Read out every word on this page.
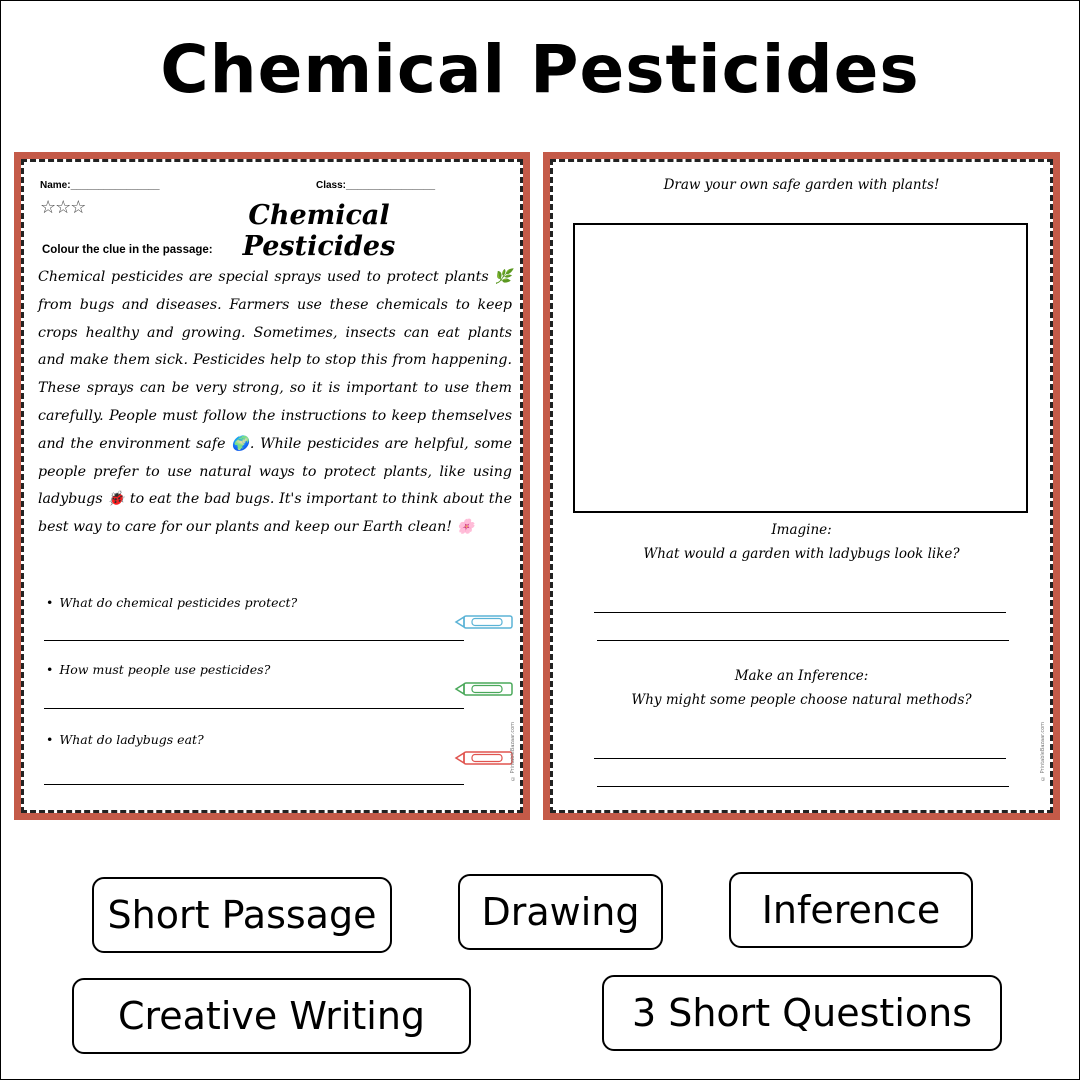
Chemical Pesticides
Name:________________	Class:________________
☆☆☆	Chemical Pesticides
Colour the clue in the passage:
Chemical pesticides are special sprays used to protect plants 🌿 from bugs and diseases. Farmers use these chemicals to keep crops healthy and growing. Sometimes, insects can eat plants and make them sick. Pesticides help to stop this from happening. These sprays can be very strong, so it is important to use them carefully. People must follow the instructions to keep themselves and the environment safe 🌍. While pesticides are helpful, some people prefer to use natural ways to protect plants, like using ladybugs 🐞 to eat the bad bugs. It's important to think about the best way to care for our plants and keep our Earth clean! 🌸
• What do chemical pesticides protect?
• How must people use pesticides?
• What do ladybugs eat?	© PrintableBazaar.com
Draw your own safe garden with plants!
Imagine:
What would a garden with ladybugs look like?
Make an Inference:
Why might some people choose natural methods?
© PrintableBazaar.com
Short Passage	Drawing	Inference
Creative Writing	3 Short Questions
